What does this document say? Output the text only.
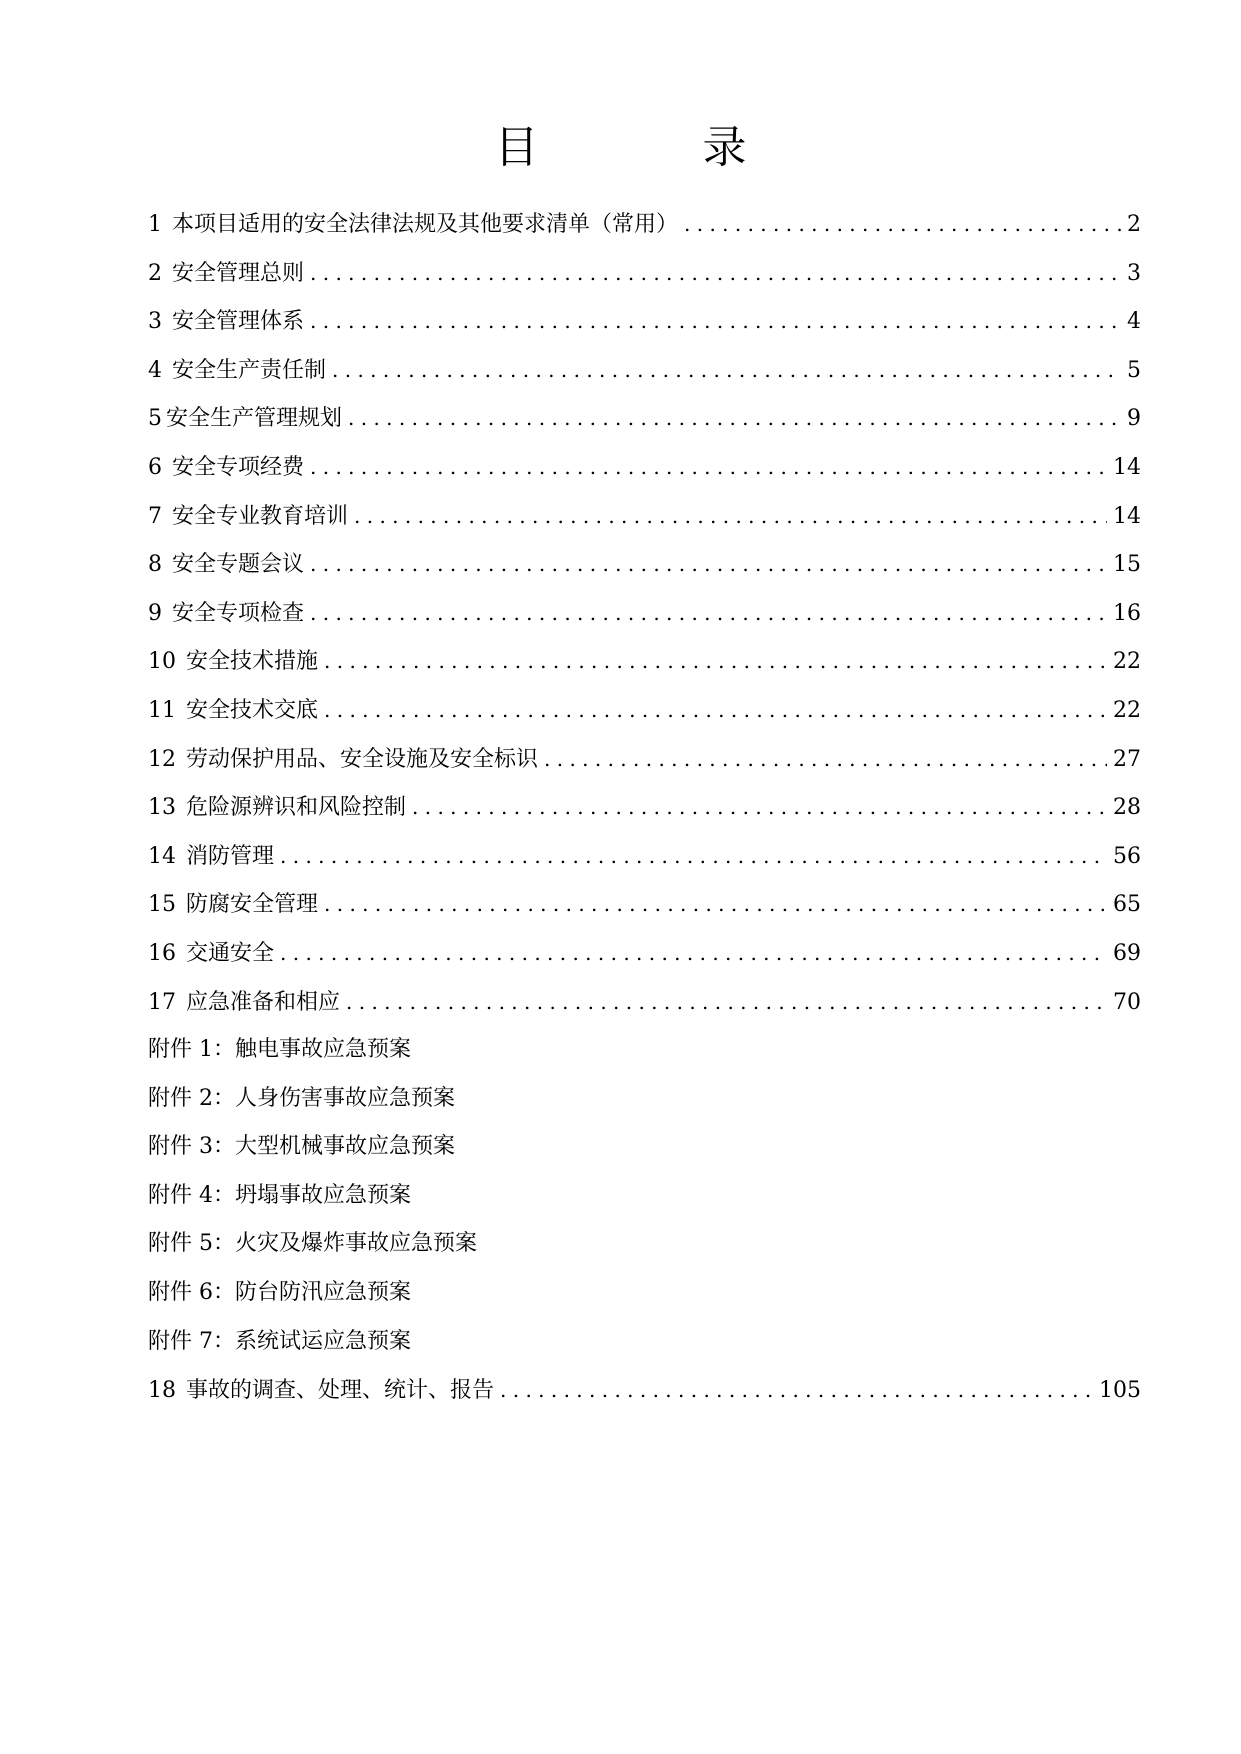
目　录
1 本项目适用的安全法律法规及其他要求清单（常用） . . .	2
2 安全管理总则 . . .	3
3 安全管理体系 . . .	4
4 安全生产责任制 . . .	5
5 安全生产管理规划 . . .	9
6 安全专项经费 . . .	14
7 安全专业教育培训 . . .	14
8 安全专题会议 . . .	15
9 安全专项检查 . . .	16
10 安全技术措施 . . .	22
11 安全技术交底 . . .	22
12 劳动保护用品、安全设施及安全标识 . . .	27
13 危险源辨识和风险控制 . . .	28
14 消防管理 . . .	56
15 防腐安全管理 . . .	65
16 交通安全 . . .	69
17 应急准备和相应 . . .	70
附件 1：触电事故应急预案
附件 2：人身伤害事故应急预案
附件 3：大型机械事故应急预案
附件 4：坍塌事故应急预案
附件 5：火灾及爆炸事故应急预案
附件 6：防台防汛应急预案
附件 7：系统试运应急预案
18 事故的调查、处理、统计、报告 . . .	105
